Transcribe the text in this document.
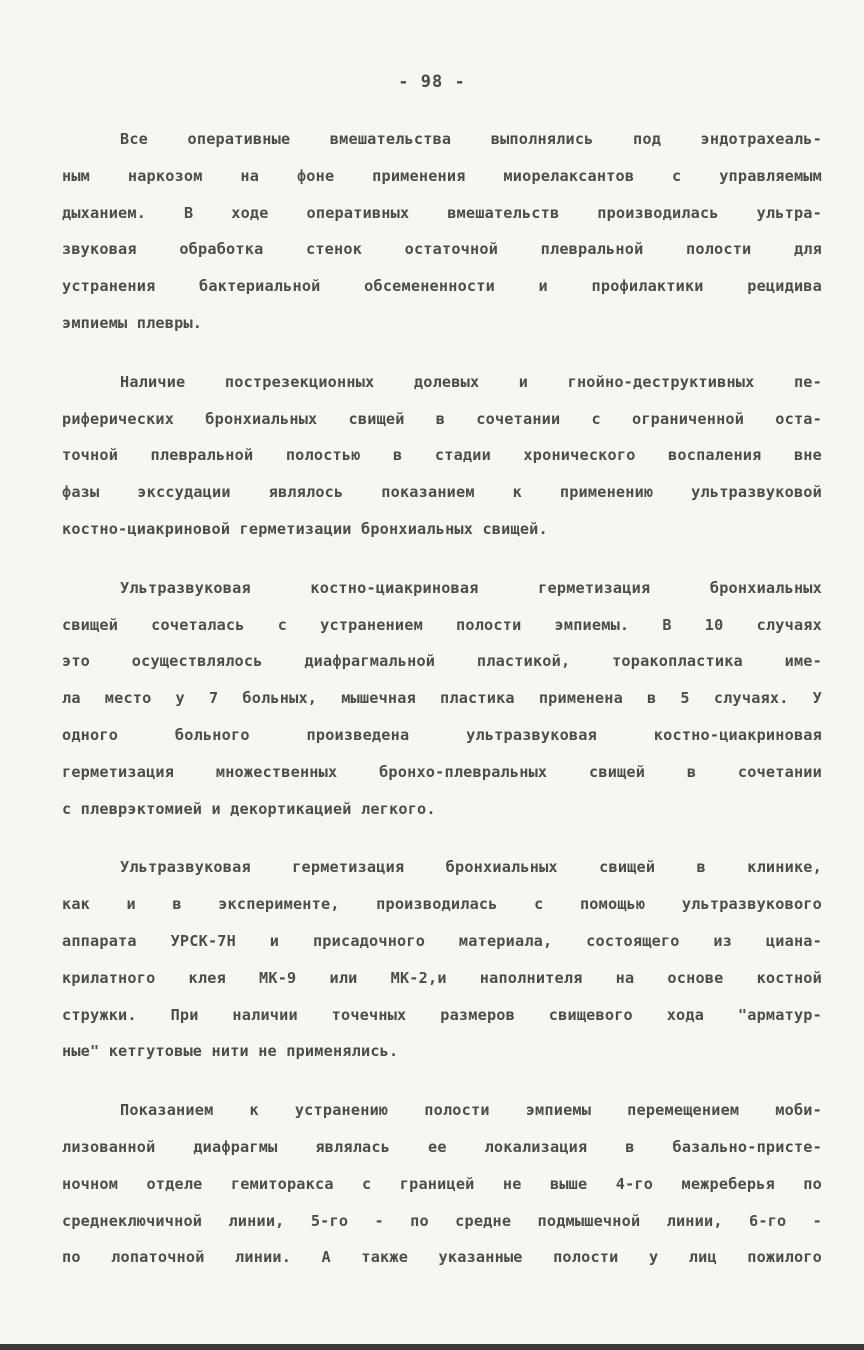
- 98 -
Все оперативные вмешательства выполнялись под эндотрахеаль-
ным наркозом на фоне применения миорелаксантов с управляемым
дыханием. В ходе оперативных вмешательств производилась ультра-
звуковая обработка стенок остаточной плевральной полости для
устранения бактериальной обсемененности и профилактики рецидива
эмпиемы плевры.
Наличие пострезекционных долевых и гнойно-деструктивных пе-
риферических бронхиальных свищей в сочетании с ограниченной оста-
точной плевральной полостью в стадии хронического воспаления вне
фазы экссудации являлось показанием к применению ультразвуковой
костно-циакриновой герметизации бронхиальных свищей.
Ультразвуковая костно-циакриновая герметизация бронхиальных
свищей сочеталась с устранением полости эмпиемы. В 10 случаях
это осуществлялось диафрагмальной пластикой, торакопластика име-
ла место у 7 больных, мышечная пластика применена в 5 случаях. У
одного больного произведена ультразвуковая костно-циакриновая
герметизация множественных бронхо-плевральных свищей в сочетании
с плеврэктомией и декортикацией легкого.
Ультразвуковая герметизация бронхиальных свищей в клинике,
как и в эксперименте, производилась с помощью ультразвукового
аппарата УРСК-7Н и присадочного материала, состоящего из циана-
крилатного клея МК-9 или МК-2,и наполнителя на основе костной
стружки. При наличии точечных размеров свищевого хода "арматур-
ные" кетгутовые нити не применялись.
Показанием к устранению полости эмпиемы перемещением моби-
лизованной диафрагмы являлась ее локализация в базально-присте-
ночном отделе гемиторакса с границей не выше 4-го межреберья по
среднеключичной линии, 5-го - по средне подмышечной линии, 6-го -
по лопаточной линии. А также указанные полости у лиц пожилого
